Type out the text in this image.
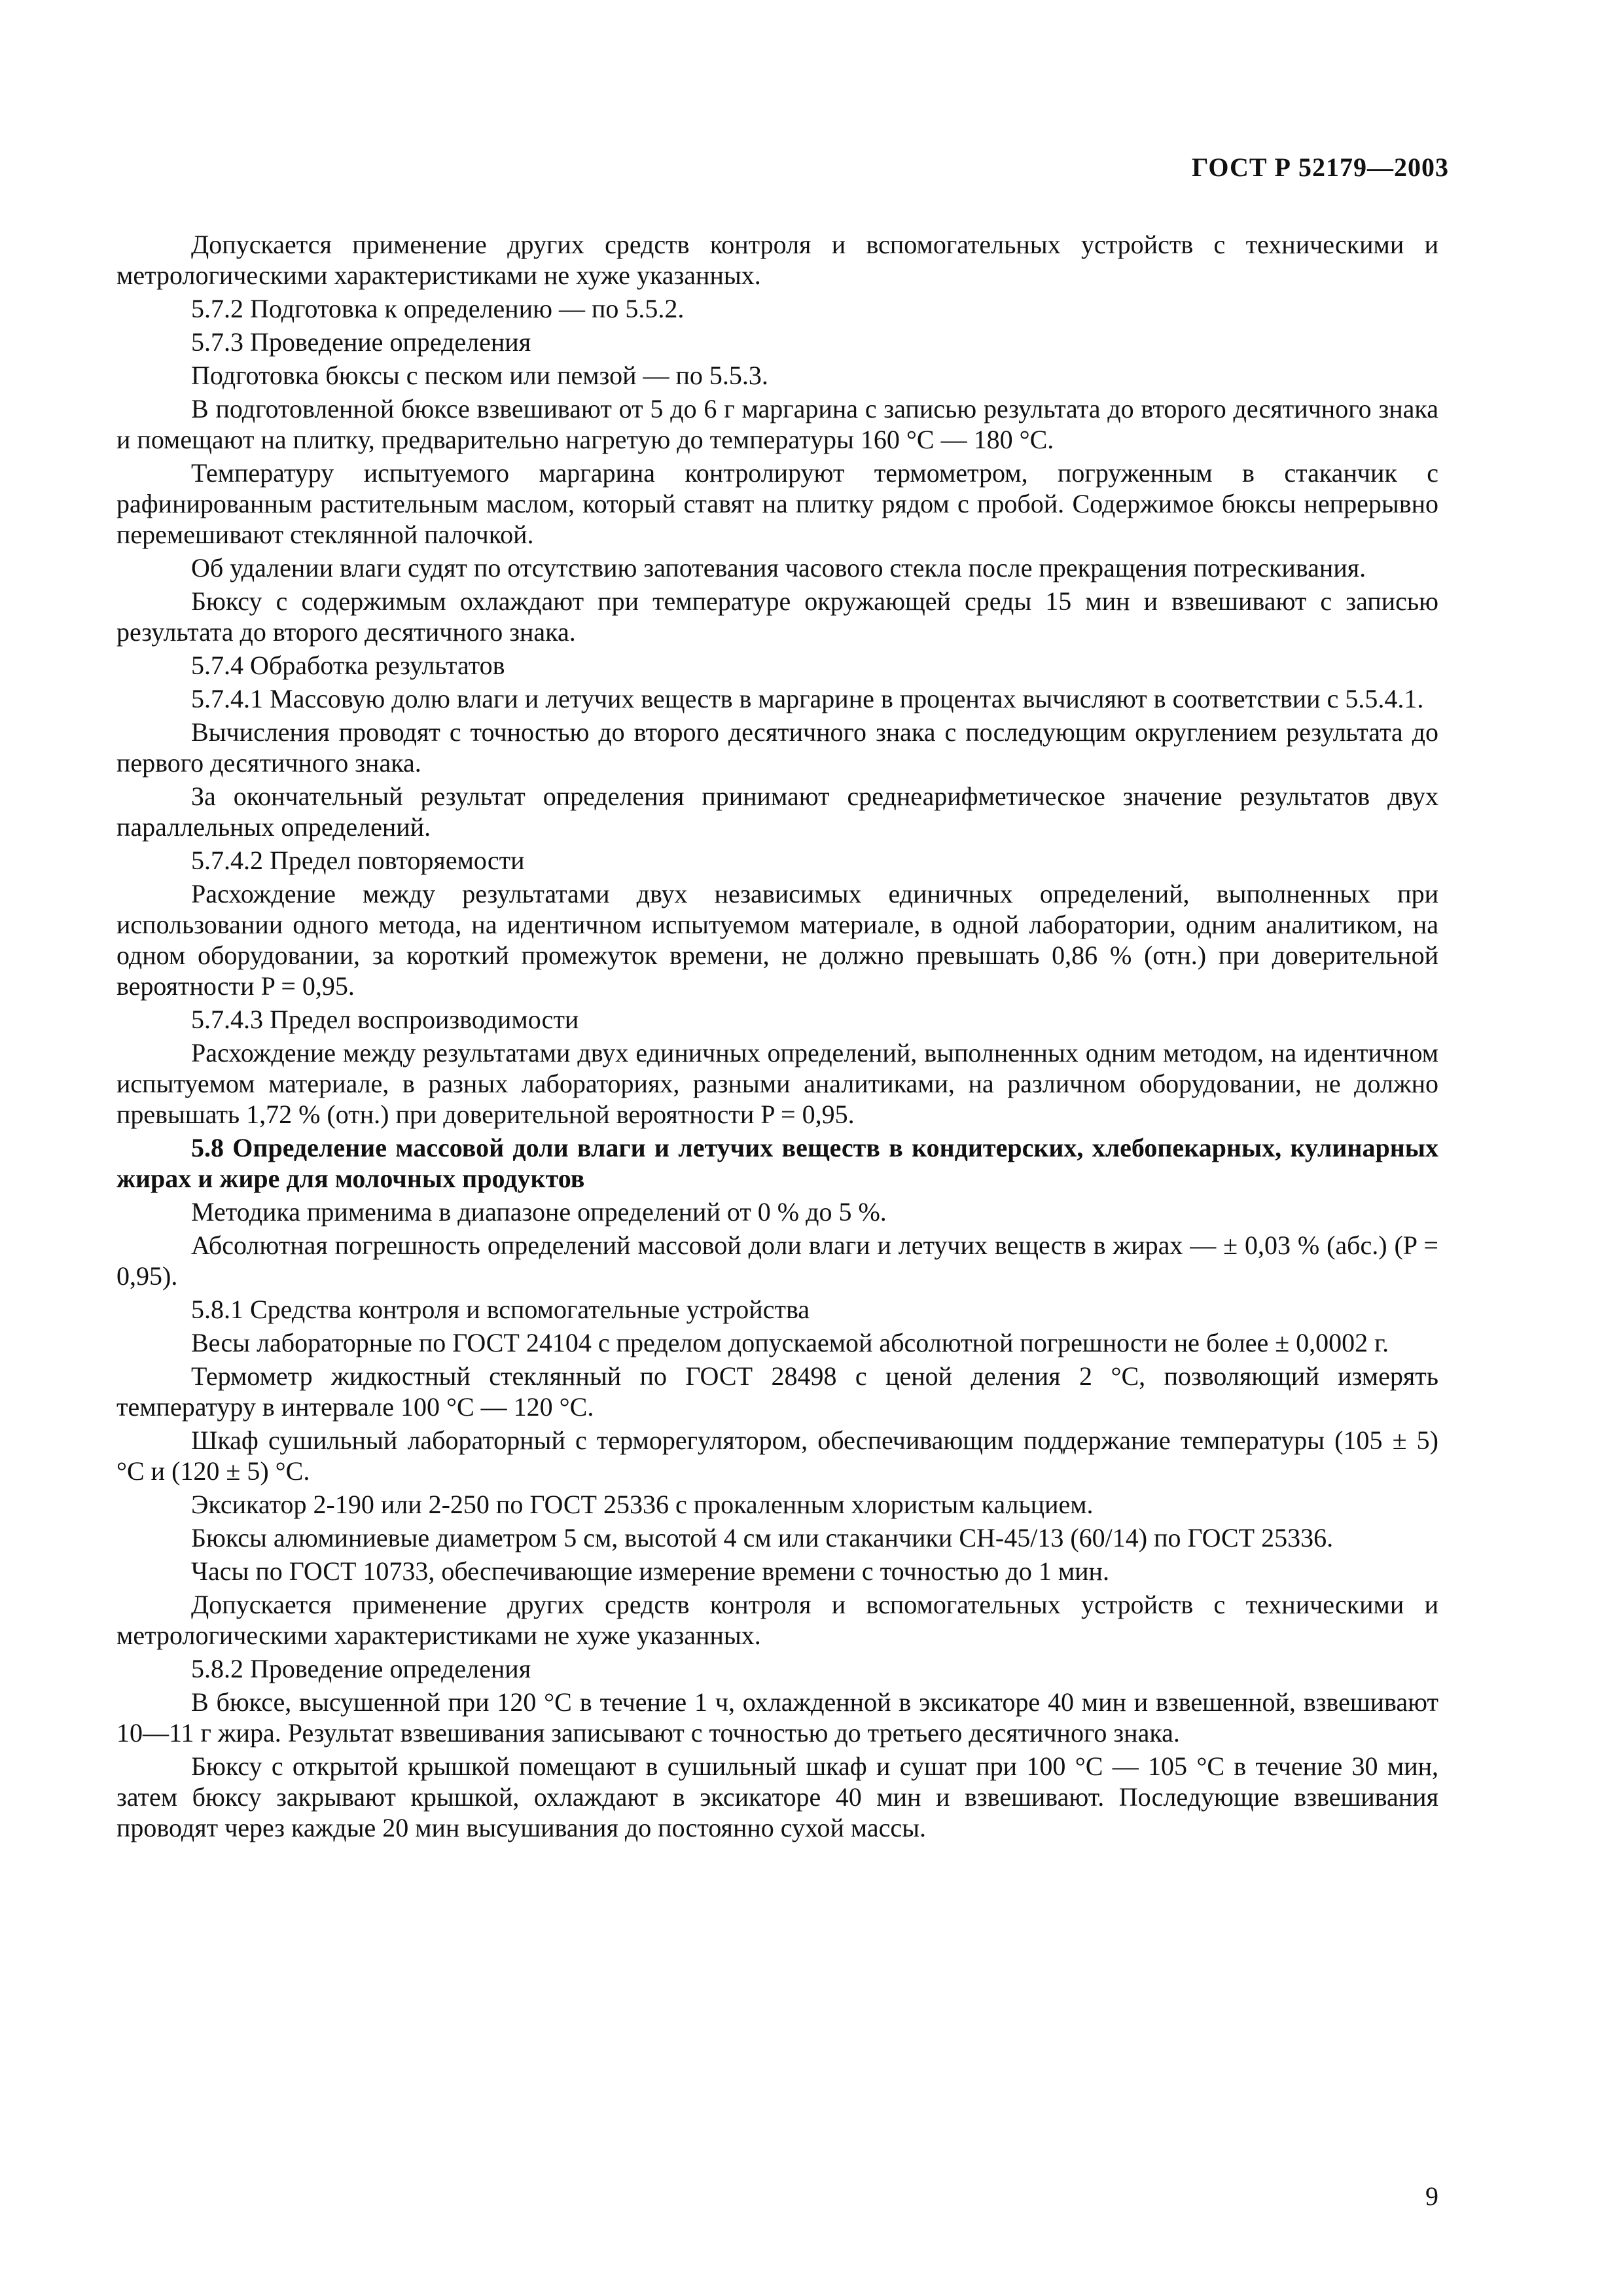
ГОСТ Р 52179—2003

Допускается применение других средств контроля и вспомогательных устройств с техническими и метрологическими характеристиками не хуже указанных.

5.7.2 Подготовка к определению — по 5.5.2.

5.7.3 Проведение определения

Подготовка бюксы с песком или пемзой — по 5.5.3.

В подготовленной бюксе взвешивают от 5 до 6 г маргарина с записью результата до второго десятичного знака и помещают на плитку, предварительно нагретую до температуры 160 °С — 180 °С.

Температуру испытуемого маргарина контролируют термометром, погруженным в стаканчик с рафинированным растительным маслом, который ставят на плитку рядом с пробой. Содержимое бюксы непрерывно перемешивают стеклянной палочкой.

Об удалении влаги судят по отсутствию запотевания часового стекла после прекращения потрескивания.

Бюксу с содержимым охлаждают при температуре окружающей среды 15 мин и взвешивают с записью результата до второго десятичного знака.

5.7.4 Обработка результатов

5.7.4.1 Массовую долю влаги и летучих веществ в маргарине в процентах вычисляют в соответствии с 5.5.4.1.

Вычисления проводят с точностью до второго десятичного знака с последующим округлением результата до первого десятичного знака.

За окончательный результат определения принимают среднеарифметическое значение результатов двух параллельных определений.

5.7.4.2 Предел повторяемости

Расхождение между результатами двух независимых единичных определений, выполненных при использовании одного метода, на идентичном испытуемом материале, в одной лаборатории, одним аналитиком, на одном оборудовании, за короткий промежуток времени, не должно превышать 0,86 % (отн.) при доверительной вероятности P = 0,95.

5.7.4.3 Предел воспроизводимости

Расхождение между результатами двух единичных определений, выполненных одним методом, на идентичном испытуемом материале, в разных лабораториях, разными аналитиками, на различном оборудовании, не должно превышать 1,72 % (отн.) при доверительной вероятности P = 0,95.

5.8 Определение массовой доли влаги и летучих веществ в кондитерских, хлебопекарных, кулинарных жирах и жире для молочных продуктов

Методика применима в диапазоне определений от 0 % до 5 %.

Абсолютная погрешность определений массовой доли влаги и летучих веществ в жирах — ± 0,03 % (абс.) (P = 0,95).

5.8.1 Средства контроля и вспомогательные устройства

Весы лабораторные по ГОСТ 24104 с пределом допускаемой абсолютной погрешности не более ± 0,0002 г.

Термометр жидкостный стеклянный по ГОСТ 28498 с ценой деления 2 °С, позволяющий измерять температуру в интервале 100 °С — 120 °С.

Шкаф сушильный лабораторный с терморегулятором, обеспечивающим поддержание температуры (105 ± 5) °С и (120 ± 5) °С.

Эксикатор 2-190 или 2-250 по ГОСТ 25336 с прокаленным хлористым кальцием.

Бюксы алюминиевые диаметром 5 см, высотой 4 см или стаканчики СН-45/13 (60/14) по ГОСТ 25336.

Часы по ГОСТ 10733, обеспечивающие измерение времени с точностью до 1 мин.

Допускается применение других средств контроля и вспомогательных устройств с техническими и метрологическими характеристиками не хуже указанных.

5.8.2 Проведение определения

В бюксе, высушенной при 120 °С в течение 1 ч, охлажденной в эксикаторе 40 мин и взвешенной, взвешивают 10—11 г жира. Результат взвешивания записывают с точностью до третьего десятичного знака.

Бюксу с открытой крышкой помещают в сушильный шкаф и сушат при 100 °С — 105 °С в течение 30 мин, затем бюксу закрывают крышкой, охлаждают в эксикаторе 40 мин и взвешивают. Последующие взвешивания проводят через каждые 20 мин высушивания до постоянно сухой массы.

9
